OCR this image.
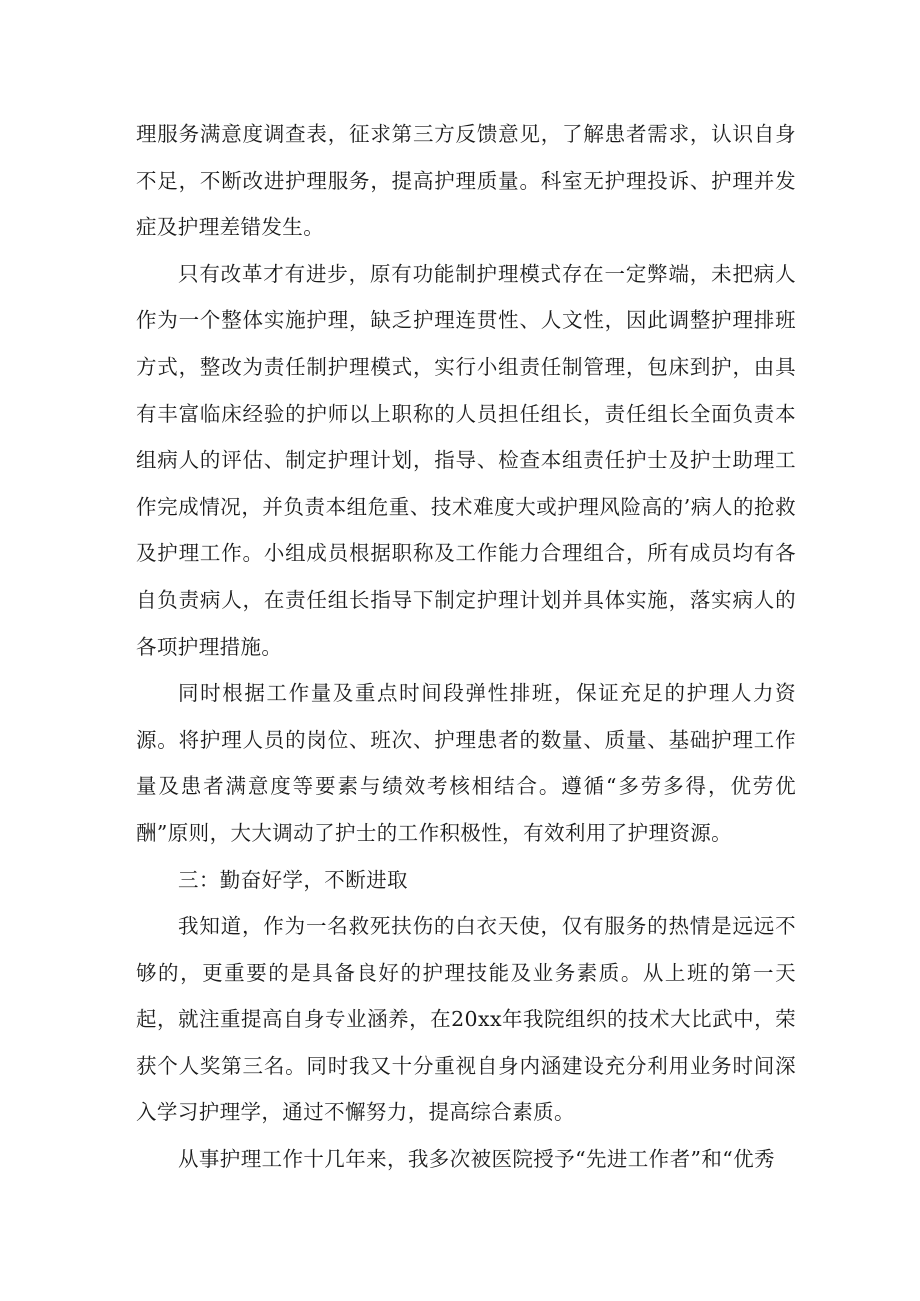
理服务满意度调查表，征求第三方反馈意见，了解患者需求，认识自身不足，不断改进护理服务，提高护理质量。科室无护理投诉、护理并发症及护理差错发生。

只有改革才有进步，原有功能制护理模式存在一定弊端，未把病人作为一个整体实施护理，缺乏护理连贯性、人文性，因此调整护理排班方式，整改为责任制护理模式，实行小组责任制管理，包床到护，由具有丰富临床经验的护师以上职称的人员担任组长，责任组长全面负责本组病人的评估、制定护理计划，指导、检查本组责任护士及护士助理工作完成情况，并负责本组危重、技术难度大或护理风险高的’病人的抢救及护理工作。小组成员根据职称及工作能力合理组合，所有成员均有各自负责病人，在责任组长指导下制定护理计划并具体实施，落实病人的各项护理措施。

同时根据工作量及重点时间段弹性排班，保证充足的护理人力资源。将护理人员的岗位、班次、护理患者的数量、质量、基础护理工作量及患者满意度等要素与绩效考核相结合。遵循“多劳多得，优劳优酬”原则，大大调动了护士的工作积极性，有效利用了护理资源。

三：勤奋好学，不断进取

我知道，作为一名救死扶伤的白衣天使，仅有服务的热情是远远不够的，更重要的是具备良好的护理技能及业务素质。从上班的第一天起，就注重提高自身专业涵养，在20xx年我院组织的技术大比武中，荣获个人奖第三名。同时我又十分重视自身内涵建设充分利用业务时间深入学习护理学，通过不懈努力，提高综合素质。

从事护理工作十几年来，我多次被医院授予“先进工作者”和“优秀
